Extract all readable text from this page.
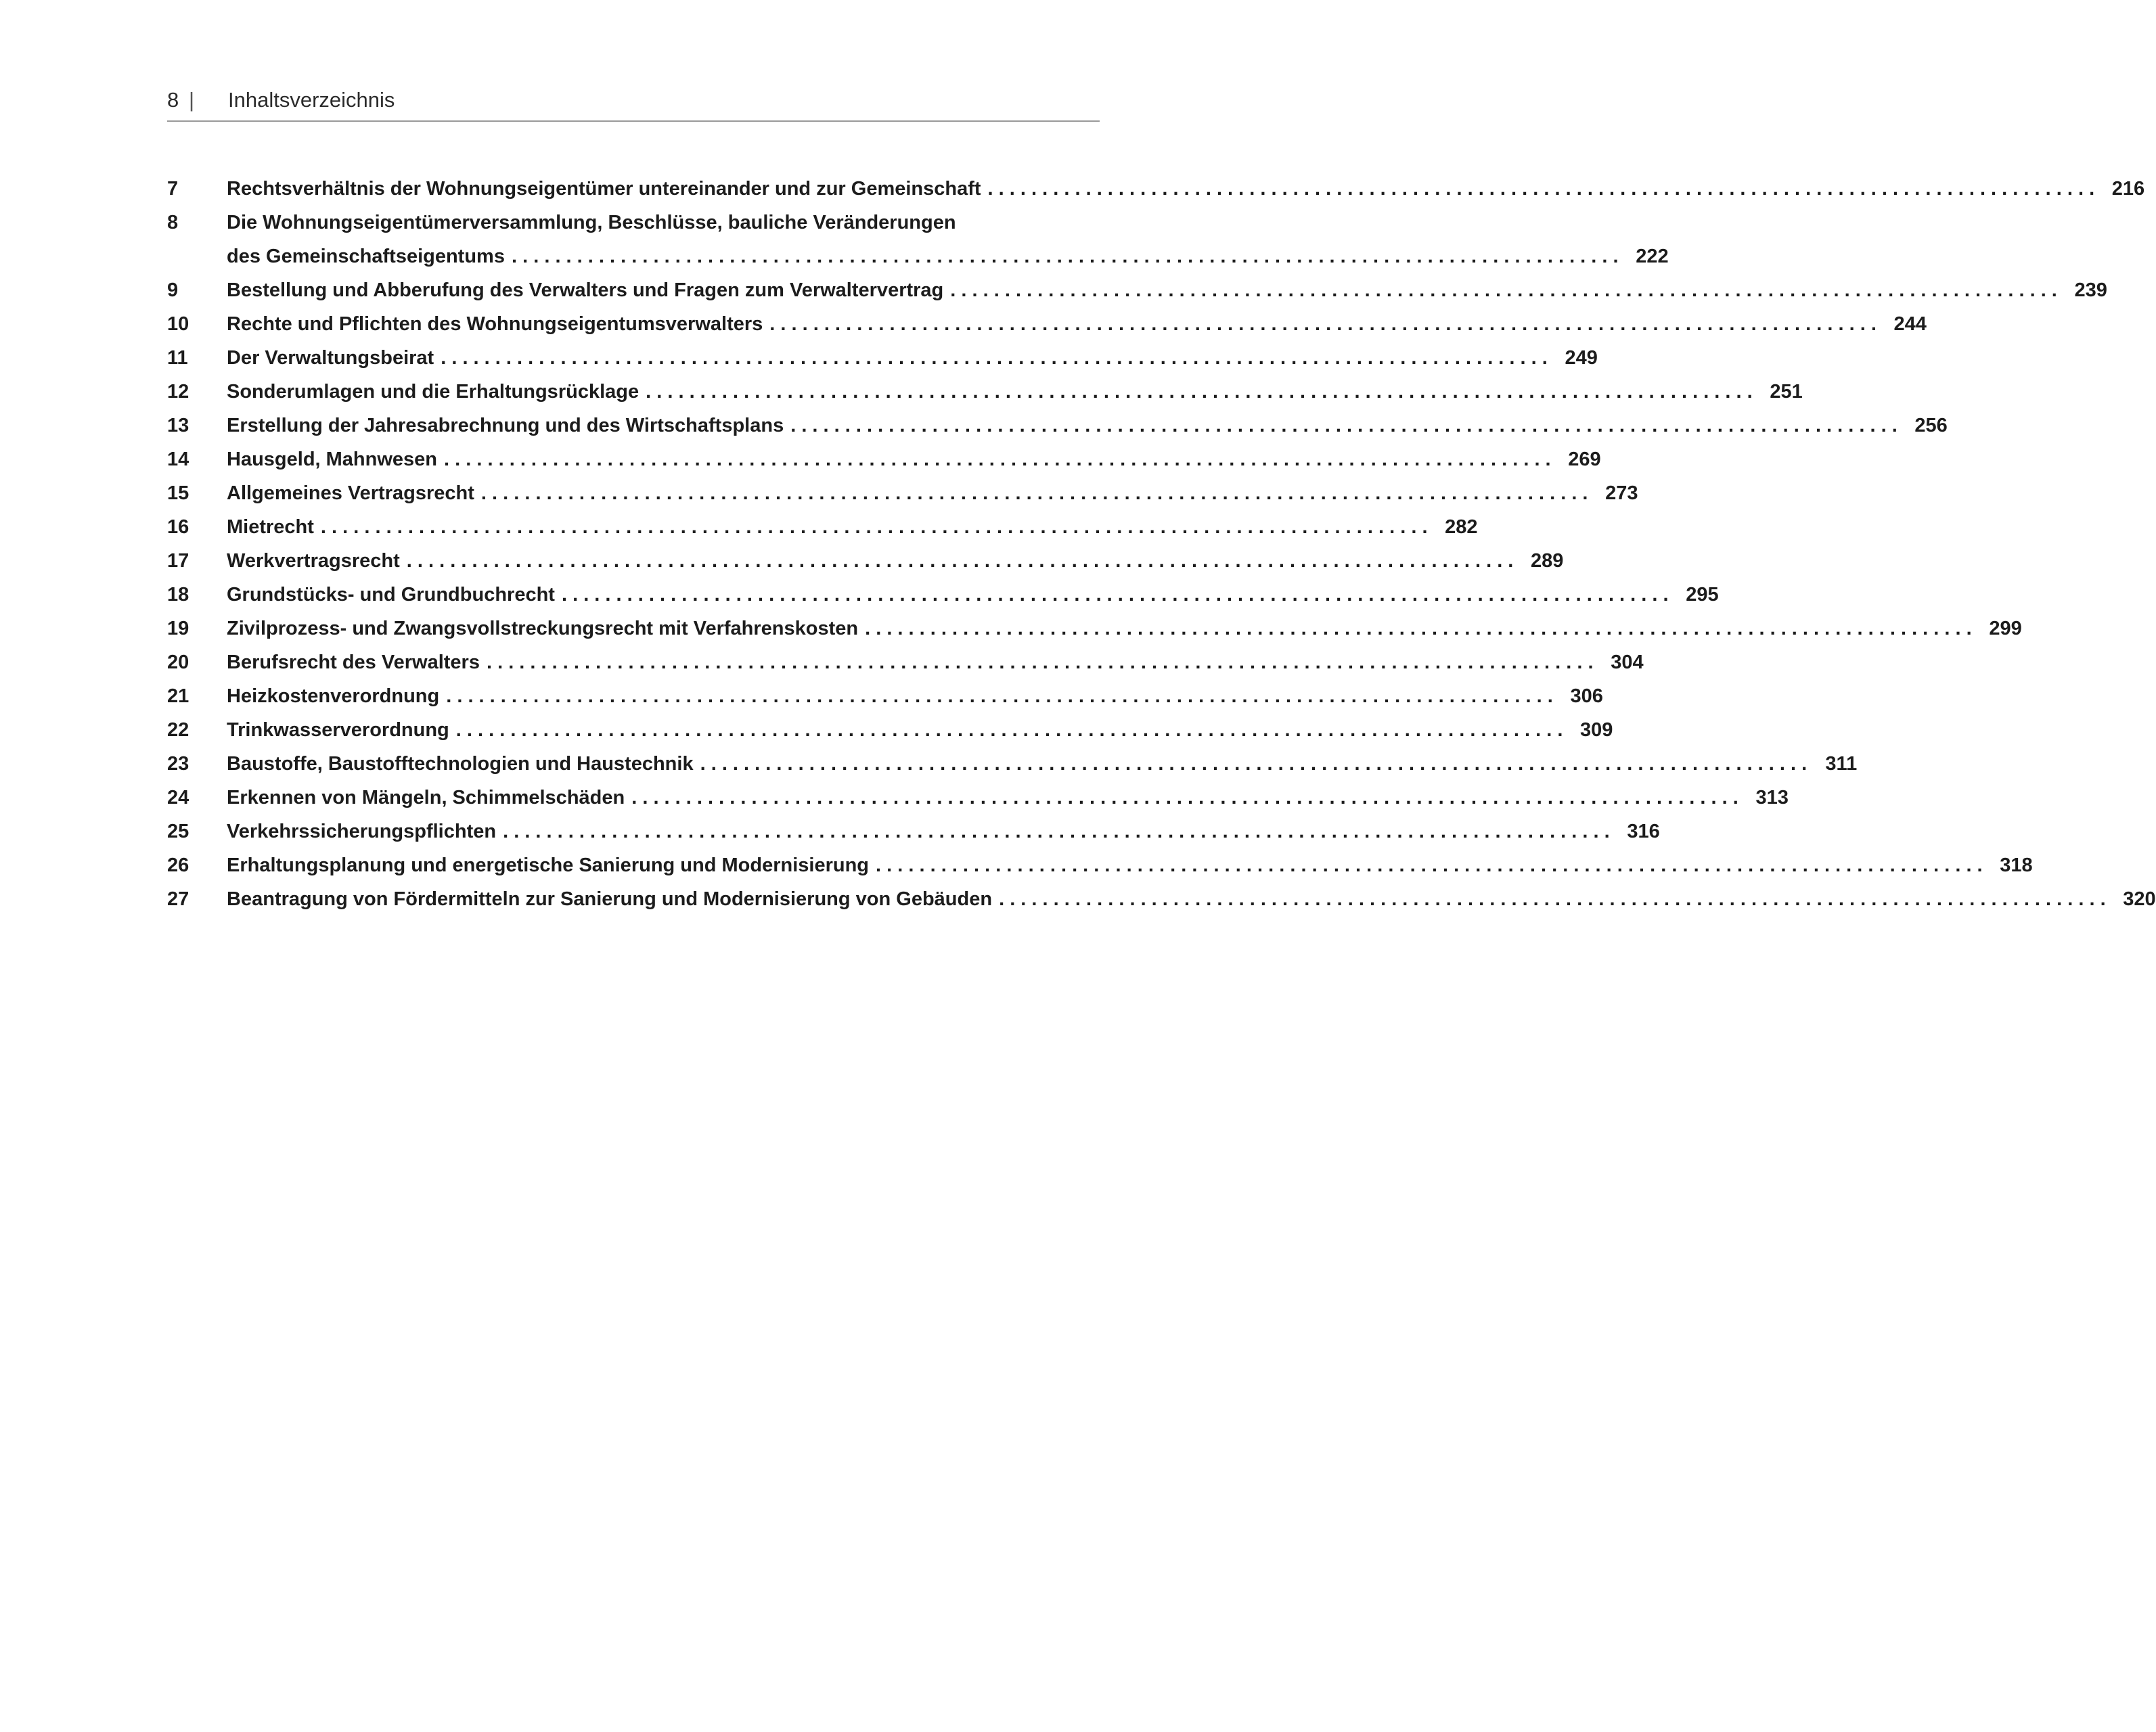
8 |	Inhaltsverzeichnis
7	Rechtsverhältnis der Wohnungseigentümer untereinander und zur Gemeinschaft . . .	216
8	Die Wohnungseigentümerversammlung, Beschlüsse, bauliche Veränderungen
des Gemeinschaftseigentums . . .	222
9	Bestellung und Abberufung des Verwalters und Fragen zum Verwaltervertrag . . .	239
10	Rechte und Pflichten des Wohnungseigentumsverwalters . . .	244
11	Der Verwaltungsbeirat . . .	249
12	Sonderumlagen und die Erhaltungsrücklage . . .	251
13	Erstellung der Jahresabrechnung und des Wirtschaftsplans . . .	256
14	Hausgeld, Mahnwesen . . .	269
15	Allgemeines Vertragsrecht . . .	273
16	Mietrecht . . .	282
17	Werkvertragsrecht . . .	289
18	Grundstücks- und Grundbuchrecht . . .	295
19	Zivilprozess- und Zwangsvollstreckungsrecht mit Verfahrenskosten . . .	299
20	Berufsrecht des Verwalters . . .	304
21	Heizkostenverordnung . . .	306
22	Trinkwasserverordnung . . .	309
23	Baustoffe, Baustofftechnologien und Haustechnik . . .	311
24	Erkennen von Mängeln, Schimmelschäden . . .	313
25	Verkehrssicherungspflichten . . .	316
26	Erhaltungsplanung und energetische Sanierung und Modernisierung . . .	318
27	Beantragung von Fördermitteln zur Sanierung und Modernisierung von Gebäuden . . .	320
